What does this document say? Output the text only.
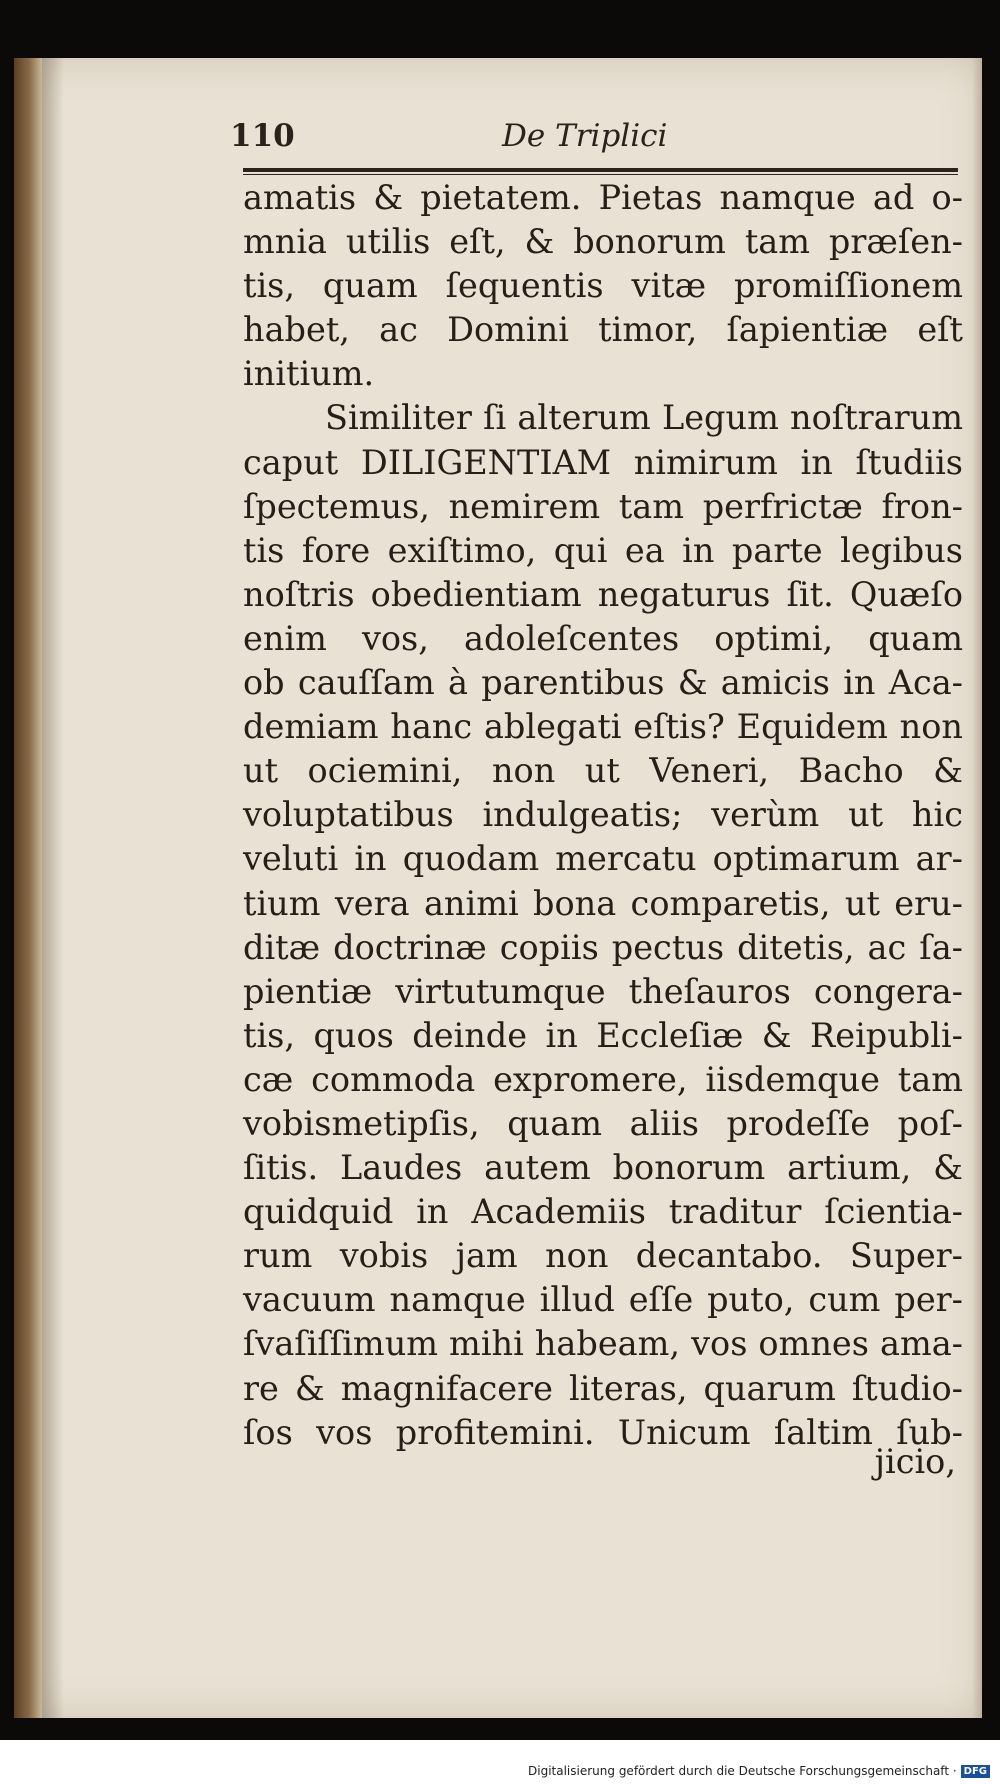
110	De Triplici
amatis & pietatem. Pietas namque ad o-
mnia utilis eſt, & bonorum tam præſen-
tis, quam ſequentis vitæ promiſſionem
habet, ac Domini timor, ſapientiæ eſt
initium.
Similiter ſi alterum Legum noſtrarum
caput DILIGENTIAM nimirum in ſtudiis
ſpectemus, nemirem tam perfrictæ fron-
tis fore exiſtimo, qui ea in parte legibus
noſtris obedientiam negaturus ſit. Quæſo
enim vos, adoleſcentes optimi, quam
ob cauſſam à parentibus & amicis in Aca-
demiam hanc ablegati eſtis? Equidem non
ut ociemini, non ut Veneri, Bacho &
voluptatibus indulgeatis; verùm ut hic
veluti in quodam mercatu optimarum ar-
tium vera animi bona comparetis, ut eru-
ditæ doctrinæ copiis pectus ditetis, ac ſa-
pientiæ virtutumque theſauros congera-
tis, quos deinde in Eccleſiæ & Reipubli-
cæ commoda expromere, iisdemque tam
vobismetipſis, quam aliis prodeſſe poſ-
ſitis. Laudes autem bonorum artium, &
quidquid in Academiis traditur ſcientia-
rum vobis jam non decantabo. Super-
vacuum namque illud eſſe puto, cum per-
ſvaſiſſimum mihi habeam, vos omnes ama-
re & magnifacere literas, quarum ſtudio-
ſos vos profitemini. Unicum ſaltim ſub-
jicio,
Digitalisierung gefördert durch die Deutsche Forschungsgemeinschaft · DFG
